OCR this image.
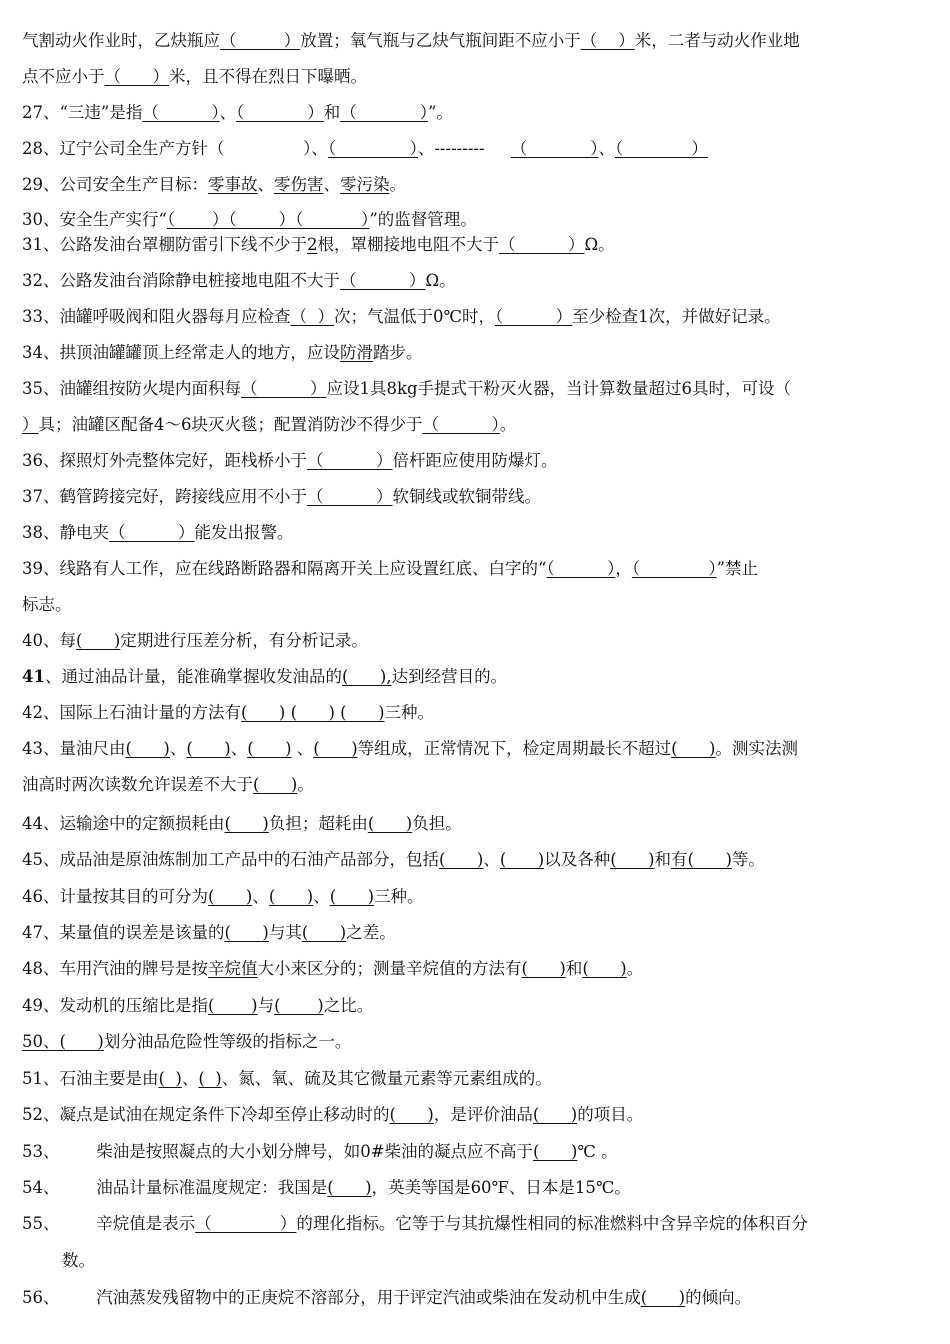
气割动火作业时，乙炔瓶应（         ）放置；氧气瓶与乙炔气瓶间距不应小于（    ）米，二者与动火作业地
点不应小于（      ）米，且不得在烈日下曝晒。
27、“三违”是指（          ）、（            ）和（            ）”。
28、辽宁公司全生产方针（               ）、（              ）、---------     （            ）、（             ）
29、公司安全生产目标：零事故、零伤害、零污染。
30、安全生产实行“（       ）（        ）（           ）”的监督管理。
31、公路发油台罩棚防雷引下线不少于2根，罩棚接地电阻不大于（          ）Ω。
32、公路发油台消除静电桩接地电阻不大于（          ）Ω。
33、油罐呼吸阀和阻火器每月应检查（  ）次；气温低于0℃时，（          ）至少检查1次，并做好记录。
34、拱顶油罐罐顶上经常走人的地方，应设防滑踏步。
35、油罐组按防火堤内面积每（          ）应设1具8kg手提式干粉灭火器，当计算数量超过6具时，可设（
）具；油罐区配备4～6块灭火毯；配置消防沙不得少于（          ）。
36、探照灯外壳整体完好，距栈桥小于（          ）倍杆距应使用防爆灯。
37、鹤管跨接完好，跨接线应用不小于（          ）软铜线或软铜带线。
38、静电夹（          ）能发出报警。
39、线路有人工作，应在线路断路器和隔离开关上应设置红底、白字的“（          ），（             ）”禁止
标志。
40、每(      )定期进行压差分析，有分析记录。
41、通过油品计量，能准确掌握收发油品的(      ),达到经营目的。
42、国际上石油计量的方法有(      ) (      ) (      )三种。
43、量油尺由(      )、(      )、(      ) 、(      )等组成，正常情况下，检定周期最长不超过(      )。测实法测
油高时两次读数允许误差不大于(      )。
44、运输途中的定额损耗由(      )负担；超耗由(      )负担。
45、成品油是原油炼制加工产品中的石油产品部分，包括(      )、(      )以及各种(      )和有(      )等。
46、计量按其目的可分为(      )、(      )、(      )三种。
47、某量值的误差是该量的(      )与其(      )之差。
48、车用汽油的牌号是按辛烷值大小来区分的；测量辛烷值的方法有(      )和(      )。
49、发动机的压缩比是指(       )与(       )之比。
50、(      )划分油品危险性等级的指标之一。
51、石油主要是由(  )、(  )、氮、氧、硫及其它微量元素等元素组成的。
52、凝点是试油在规定条件下冷却至停止移动时的(      )，是评价油品(      )的项目。
53、       柴油是按照凝点的大小划分牌号，如0#柴油的凝点应不高于(      )℃ 。
54、       油品计量标准温度规定：我国是(      )，英美等国是60℉、日本是15℃。
55、       辛烷值是表示（             ）的理化指标。它等于与其抗爆性相同的标准燃料中含异辛烷的体积百分
数。
56、       汽油蒸发残留物中的正庚烷不溶部分，用于评定汽油或柴油在发动机中生成(      )的倾向。
